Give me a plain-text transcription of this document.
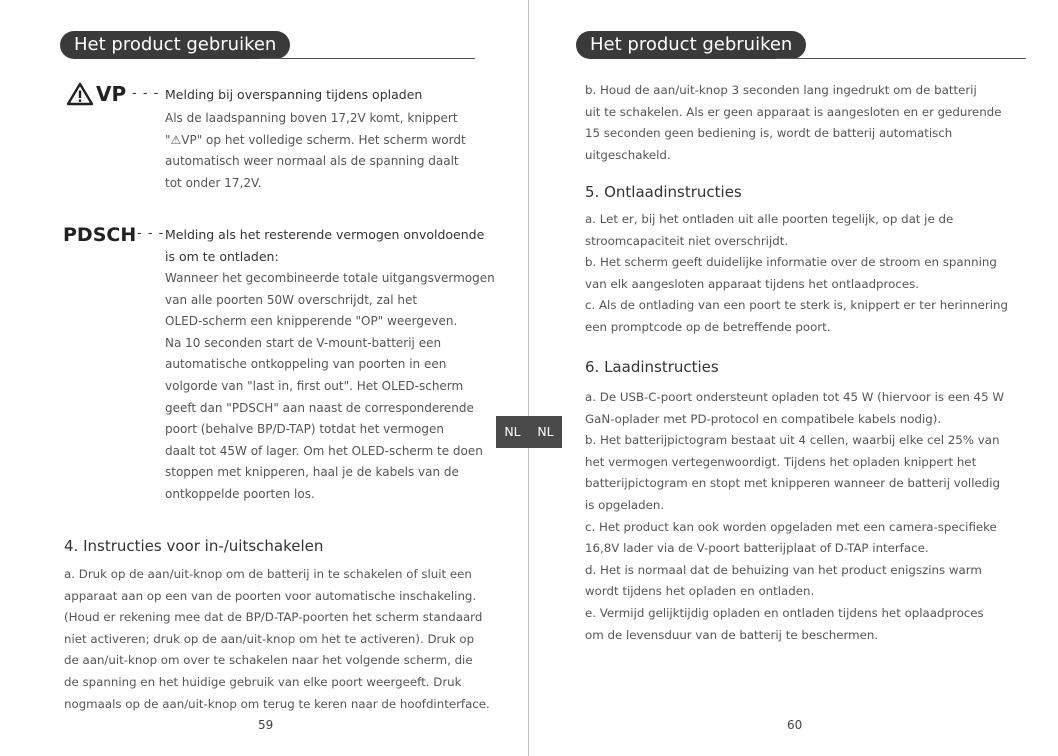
Het product gebruiken
VP - - - Melding bij overspanning tijdens opladen
Als de laadspanning boven 17,2V komt, knippert
"⚠VP" op het volledige scherm. Het scherm wordt
automatisch weer normaal als de spanning daalt
tot onder 17,2V.
PDSCH - - - Melding als het resterende vermogen onvoldoende
is om te ontladen:
Wanneer het gecombineerde totale uitgangsvermogen
van alle poorten 50W overschrijdt, zal het
OLED-scherm een knipperende "OP" weergeven.
Na 10 seconden start de V-mount-batterij een
automatische ontkoppeling van poorten in een
volgorde van "last in, first out". Het OLED-scherm
geeft dan "PDSCH" aan naast de corresponderende
poort (behalve BP/D-TAP) totdat het vermogen
daalt tot 45W of lager. Om het OLED-scherm te doen
stoppen met knipperen, haal je de kabels van de
ontkoppelde poorten los.
4. Instructies voor in-/uitschakelen
a. Druk op de aan/uit-knop om de batterij in te schakelen of sluit een
apparaat aan op een van de poorten voor automatische inschakeling.
(Houd er rekening mee dat de BP/D-TAP-poorten het scherm standaard
niet activeren; druk op de aan/uit-knop om het te activeren). Druk op
de aan/uit-knop om over te schakelen naar het volgende scherm, die
de spanning en het huidige gebruik van elke poort weergeeft. Druk
nogmaals op de aan/uit-knop om terug te keren naar de hoofdinterface.
59
NL	NL
Het product gebruiken
b. Houd de aan/uit-knop 3 seconden lang ingedrukt om de batterij
uit te schakelen. Als er geen apparaat is aangesloten en er gedurende
15 seconden geen bediening is, wordt de batterij automatisch
uitgeschakeld.
5. Ontlaadinstructies
a. Let er, bij het ontladen uit alle poorten tegelijk, op dat je de
stroomcapaciteit niet overschrijdt.
b. Het scherm geeft duidelijke informatie over de stroom en spanning
van elk aangesloten apparaat tijdens het ontlaadproces.
c. Als de ontlading van een poort te sterk is, knippert er ter herinnering
een promptcode op de betreffende poort.
6. Laadinstructies
a. De USB-C-poort ondersteunt opladen tot 45 W (hiervoor is een 45 W
GaN-oplader met PD-protocol en compatibele kabels nodig).
b. Het batterijpictogram bestaat uit 4 cellen, waarbij elke cel 25% van
het vermogen vertegenwoordigt. Tijdens het opladen knippert het
batterijpictogram en stopt met knipperen wanneer de batterij volledig
is opgeladen.
c. Het product kan ook worden opgeladen met een camera-specifieke
16,8V lader via de V-poort batterijplaat of D-TAP interface.
d. Het is normaal dat de behuizing van het product enigszins warm
wordt tijdens het opladen en ontladen.
e. Vermijd gelijktijdig opladen en ontladen tijdens het oplaadproces
om de levensduur van de batterij te beschermen.
60
